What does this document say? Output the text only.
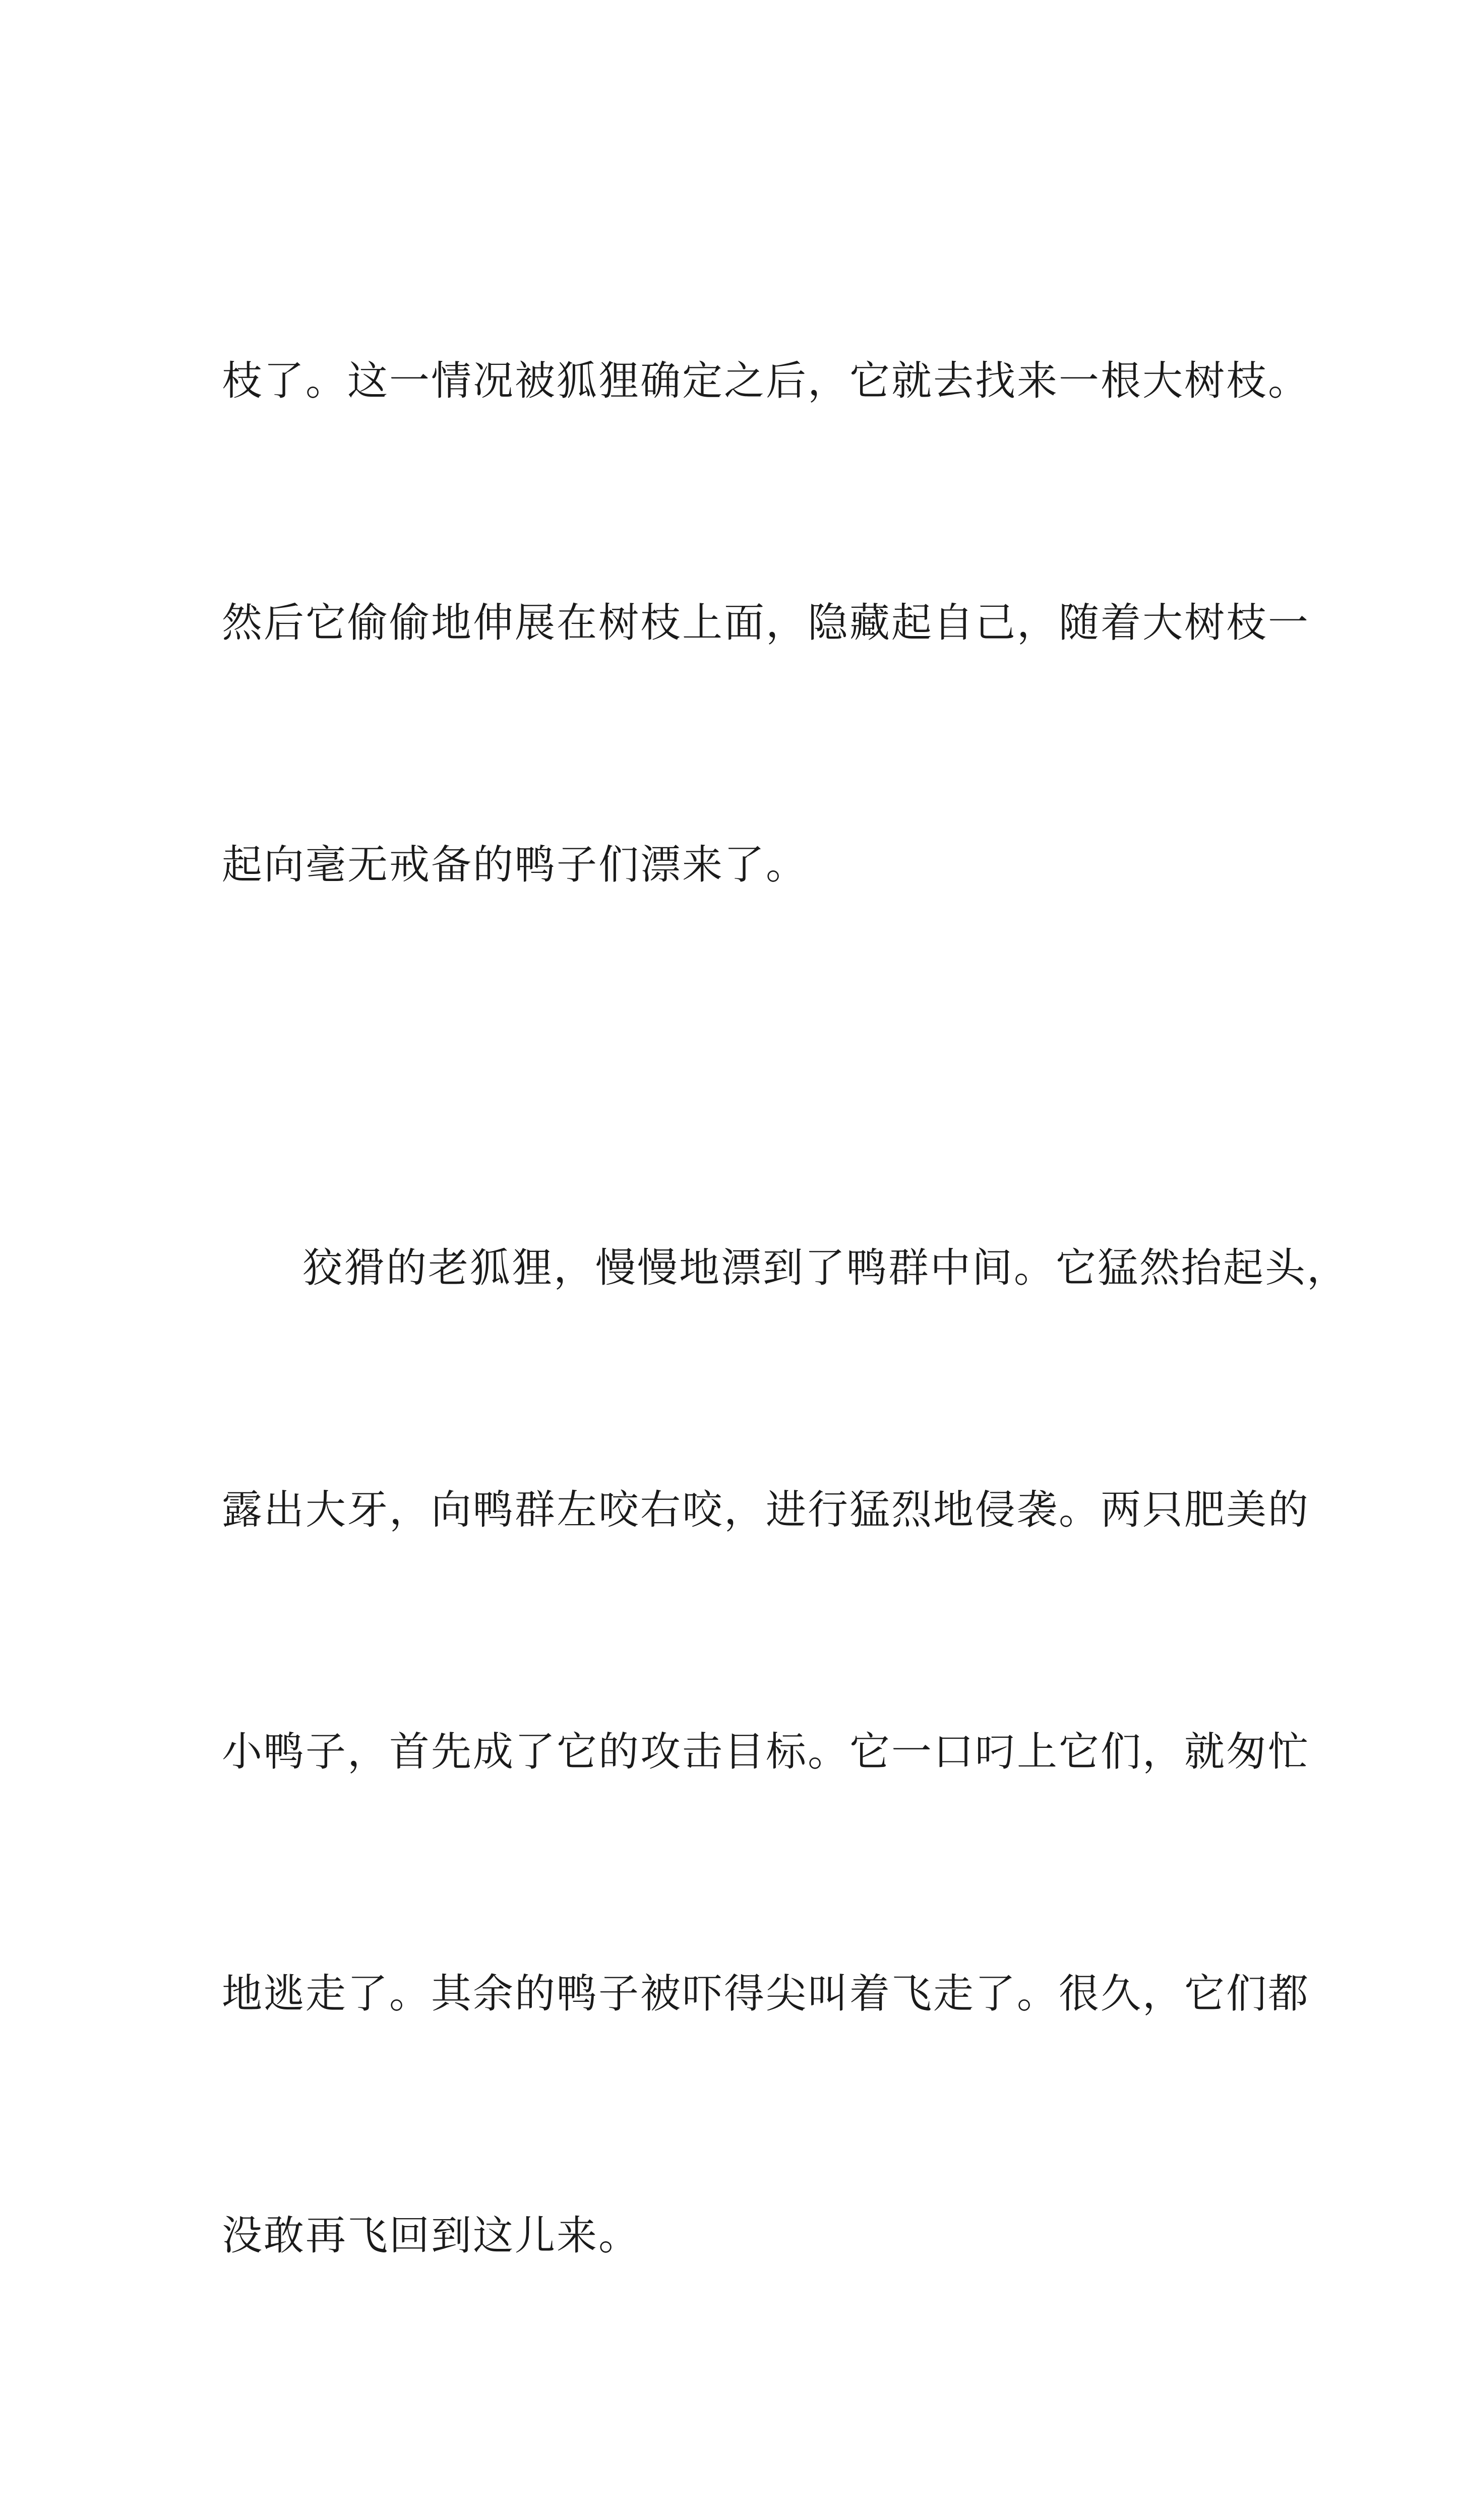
枝了。这一情况被狐狸确定之后，它就去找来一根大树枝。

然后它偷偷地伸展在树枝上面，隐藏起自己，随着大树枝一

起向毫无戒备的鸭子们漂来了。

狡猾的老狐狸，慢慢地漂到了鸭群中间。它猛然抬起头，

露出大牙，向鸭群左咬右咬，进行猛烈地侵袭。两只肥美的

小鸭子，首先成了它的攻击目标。它一口叼上它们，就匆忙

地逃走了。其余的鸭子被吓得尖叫着飞走了。很久，它们都

没敢再飞回到这儿来。
